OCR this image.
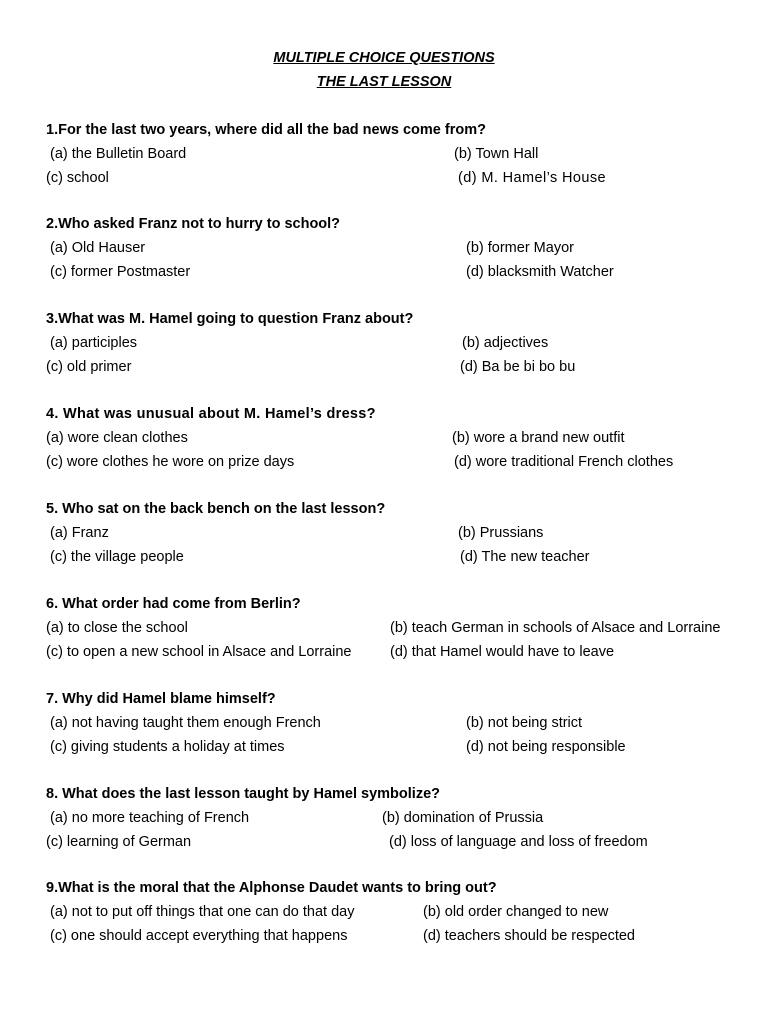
MULTIPLE CHOICE QUESTIONS
THE LAST LESSON
1.For the last two years, where did all the bad news come from?
(a) the Bulletin Board	(b) Town Hall
(c) school	(d) M. Hamel’s House
2.Who asked Franz not to hurry to school?
(a) Old Hauser	(b) former Mayor
(c) former Postmaster	(d) blacksmith Watcher
3.What was M. Hamel going to question Franz about?
(a) participles	(b) adjectives
(c) old primer	(d) Ba be bi bo bu
4. What was unusual about M. Hamel’s dress?
(a) wore clean clothes	(b) wore a brand new outfit
(c) wore clothes he wore on prize days	(d) wore traditional French clothes
5. Who sat on the back bench on the last lesson?
(a) Franz	(b) Prussians
(c) the village people	(d) The new teacher
6. What order had come from Berlin?
(a) to close the school	(b) teach German in schools of Alsace and Lorraine
(c) to open a new school in Alsace and Lorraine	(d) that Hamel would have to leave
7. Why did Hamel blame himself?
(a) not having taught them enough French	(b) not being strict
(c) giving students a holiday at times	(d) not being responsible
8. What does the last lesson taught by Hamel symbolize?
(a) no more teaching of French	(b) domination of Prussia
(c) learning of German	(d) loss of language and loss of freedom
9.What is the moral that the Alphonse Daudet wants to bring out?
(a) not to put off things that one can do that day	(b) old order changed to new
(c) one should accept everything that happens	(d) teachers should be respected
